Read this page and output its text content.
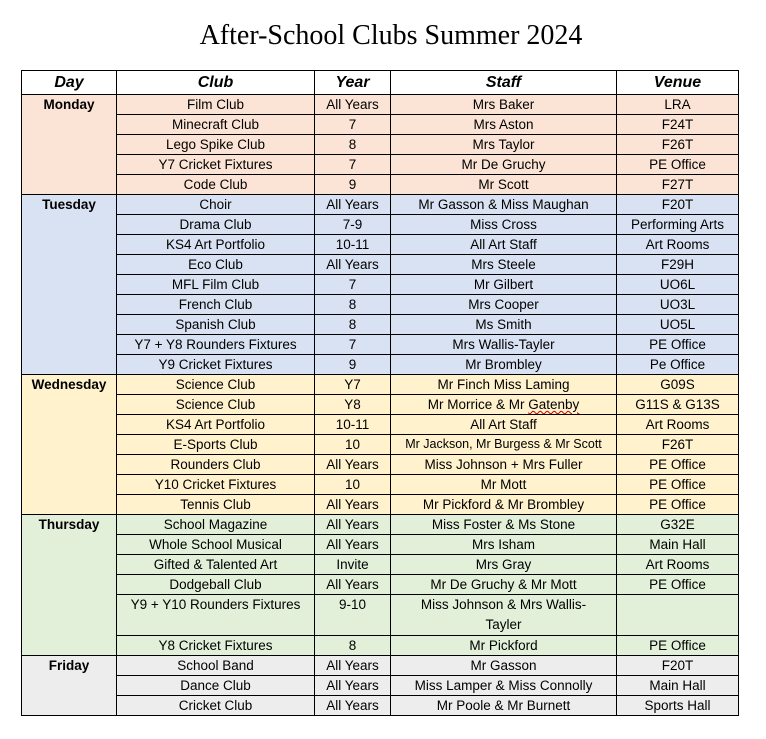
After-School Clubs Summer 2024
Day	Club	Year	Staff	Venue
Monday	Film Club	All Years	Mrs Baker	LRA
	Minecraft Club	7	Mrs Aston	F24T
	Lego Spike Club	8	Mrs Taylor	F26T
	Y7 Cricket Fixtures	7	Mr De Gruchy	PE Office
	Code Club	9	Mr Scott	F27T
Tuesday	Choir	All Years	Mr Gasson & Miss Maughan	F20T
	Drama Club	7-9	Miss Cross	Performing Arts
	KS4 Art Portfolio	10-11	All Art Staff	Art Rooms
	Eco Club	All Years	Mrs Steele	F29H
	MFL Film Club	7	Mr Gilbert	UO6L
	French Club	8	Mrs Cooper	UO3L
	Spanish Club	8	Ms Smith	UO5L
	Y7 + Y8 Rounders Fixtures	7	Mrs Wallis-Tayler	PE Office
	Y9 Cricket Fixtures	9	Mr Brombley	Pe Office
Wednesday	Science Club	Y7	Mr Finch Miss Laming	G09S
	Science Club	Y8	Mr Morrice & Mr Gatenby	G11S & G13S
	KS4 Art Portfolio	10-11	All Art Staff	Art Rooms
	E-Sports Club	10	Mr Jackson, Mr Burgess & Mr Scott	F26T
	Rounders Club	All Years	Miss Johnson + Mrs Fuller	PE Office
	Y10 Cricket Fixtures	10	Mr Mott	PE Office
	Tennis Club	All Years	Mr Pickford & Mr Brombley	PE Office
Thursday	School Magazine	All Years	Miss Foster & Ms Stone	G32E
	Whole School Musical	All Years	Mrs Isham	Main Hall
	Gifted & Talented Art	Invite	Mrs Gray	Art Rooms
	Dodgeball Club	All Years	Mr De Gruchy & Mr Mott	PE Office
	Y9 + Y10 Rounders Fixtures	9-10	Miss Johnson & Mrs Wallis-Tayler	
	Y8 Cricket Fixtures	8	Mr Pickford	PE Office
Friday	School Band	All Years	Mr Gasson	F20T
	Dance Club	All Years	Miss Lamper & Miss Connolly	Main Hall
	Cricket Club	All Years	Mr Poole & Mr Burnett	Sports Hall
